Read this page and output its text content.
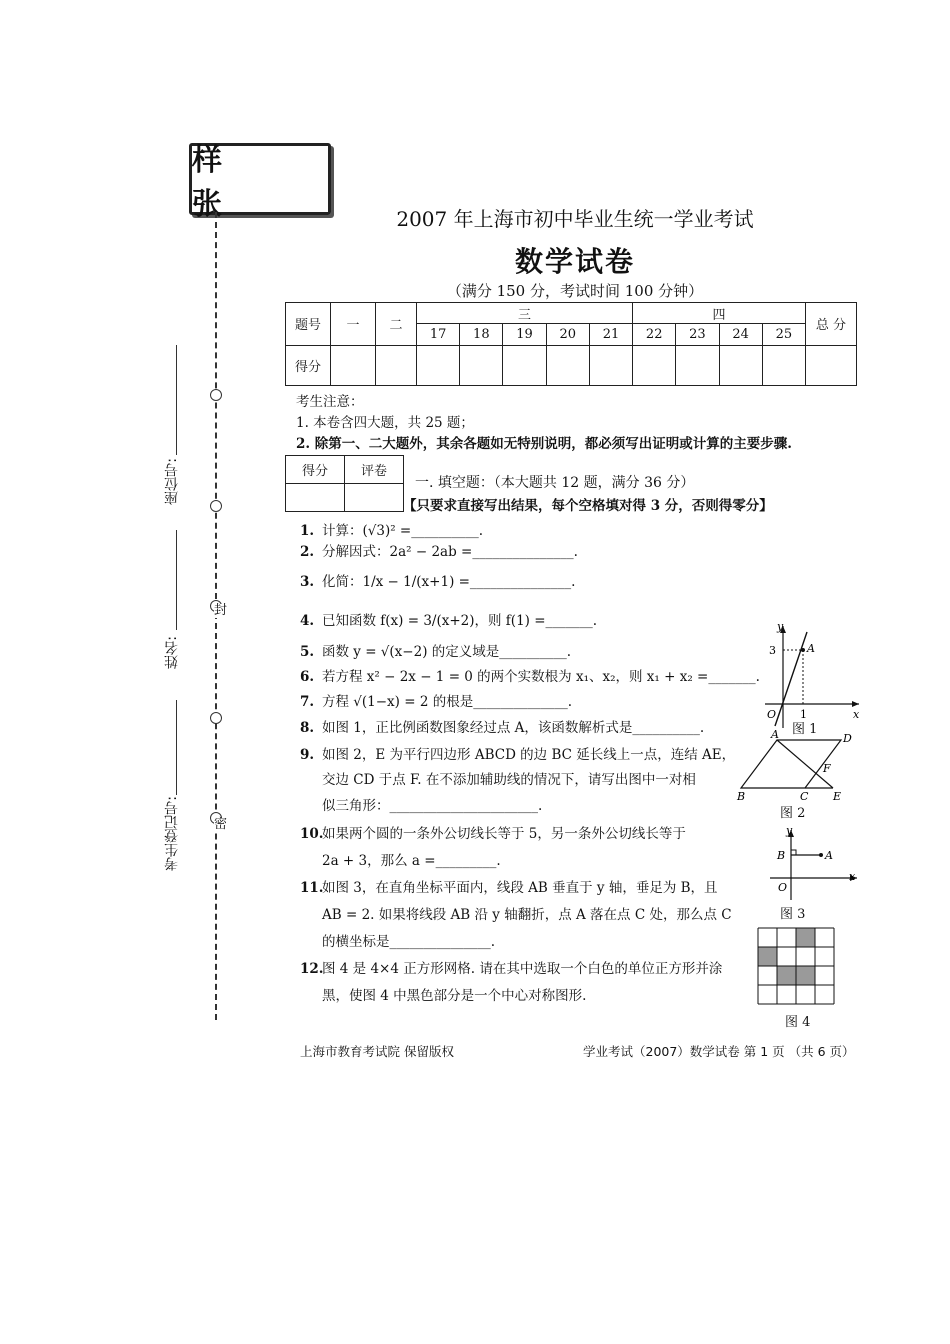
样 张
封
密
座位号:
姓名:
考生登记号:
2007 年上海市初中毕业生统一学业考试
数学试卷
（满分 150 分，考试时间 100 分钟）
题号	一	二	三					四				总 分
			17	18	19	20	21	22	23	24	25	
得分												
考生注意：
1. 本卷含四大题，共 25 题；
2. 除第一、二大题外，其余各题如无特别说明，都必须写出证明或计算的主要步骤.
得分	评卷

一. 填空题：（本大题共 12 题，满分 36 分）
【只要求直接写出结果，每个空格填对得 3 分，否则得零分】
1. 计算：(√3)² =__________.
2. 分解因式：2a² − 2ab =_______________.
3. 化简：1/x − 1/(x+1) =_______________.
4. 已知函数 f(x) = 3/(x+2)，则 f(1) =_______.
5. 函数 y = √(x−2) 的定义域是__________.
6. 若方程 x² − 2x − 1 = 0 的两个实数根为 x₁、x₂，则 x₁ + x₂ =_______.
7. 方程 √(1−x) = 2 的根是______________.
8. 如图 1，正比例函数图象经过点 A，该函数解析式是__________.
9. 如图 2，E 为平行四边形 ABCD 的边 BC 延长线上一点，连结 AE，
交边 CD 于点 F. 在不添加辅助线的情况下，请写出图中一对相
似三角形：______________________.
10.如果两个圆的一条外公切线长等于 5，另一条外公切线长等于
2a + 3，那么 a =_________.
11.如图 3，在直角坐标平面内，线段 AB 垂直于 y 轴，垂足为 B，且
AB = 2. 如果将线段 AB 沿 y 轴翻折，点 A 落在点 C 处，那么点 C
的横坐标是_______________.
12.图 4 是 4×4 正方形网格. 请在其中选取一个白色的单位正方形并涂
黑，使图 4 中黑色部分是一个中心对称图形.
y
x
O 1
3	A
图 1
A	D
F
B	C E
图 2
y
x
O
B	A
图 3
图 4
上海市教育考试院 保留版权	学业考试（2007）数学试卷 第 1 页 （共 6 页）
